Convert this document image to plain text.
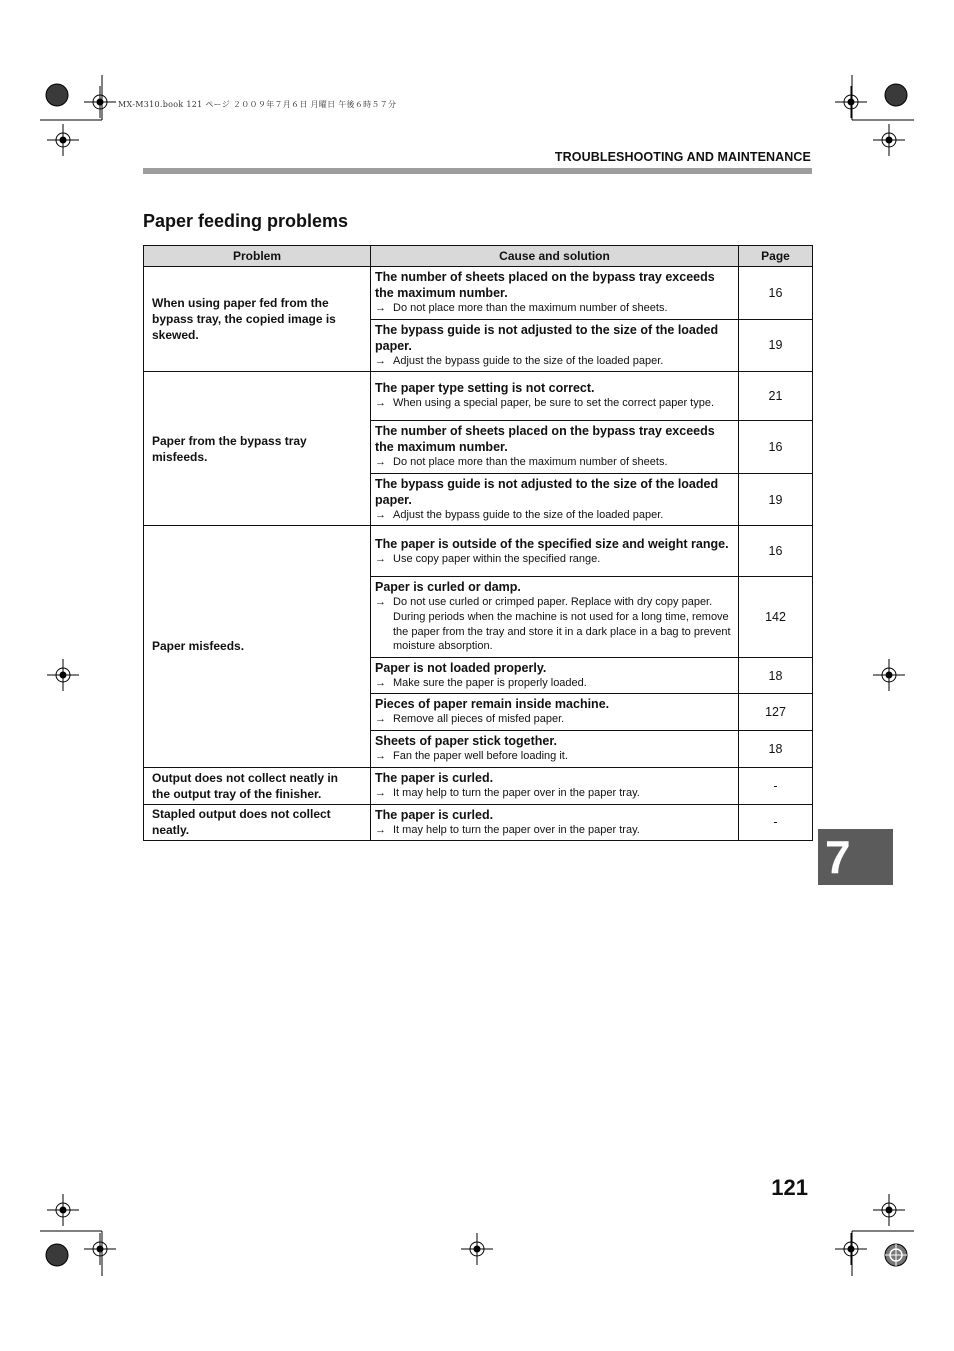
MX-M310.book 121 ページ ２００９年７月６日 月曜日 午後６時５７分
TROUBLESHOOTING AND MAINTENANCE
Paper feeding problems
Problem	Cause and solution	Page
When using paper fed from the bypass tray, the copied image is skewed.	The number of sheets placed on the bypass tray exceeds the maximum number.
→ Do not place more than the maximum number of sheets.	16

	The bypass guide is not adjusted to the size of the loaded paper.
→ Adjust the bypass guide to the size of the loaded paper.	19
Paper from the bypass tray misfeeds.	The paper type setting is not correct.
→ When using a special paper, be sure to set the correct paper type.	21

	The number of sheets placed on the bypass tray exceeds the maximum number.
→ Do not place more than the maximum number of sheets.	16

	The bypass guide is not adjusted to the size of the loaded paper.
→ Adjust the bypass guide to the size of the loaded paper.	19
Paper misfeeds.	The paper is outside of the specified size and weight range.
→ Use copy paper within the specified range.	16

	Paper is curled or damp.
→ Do not use curled or crimped paper. Replace with dry copy paper. During periods when the machine is not used for a long time, remove the paper from the tray and store it in a dark place in a bag to prevent moisture absorption.	142

	Paper is not loaded properly.
→ Make sure the paper is properly loaded.	18

	Pieces of paper remain inside machine.
→ Remove all pieces of misfed paper.	127

	Sheets of paper stick together.
→ Fan the paper well before loading it.	18
Output does not collect neatly in the output tray of the finisher.	The paper is curled.
→ It may help to turn the paper over in the paper tray.	-
Stapled output does not collect neatly.	The paper is curled.
→ It may help to turn the paper over in the paper tray.	-
7
121
